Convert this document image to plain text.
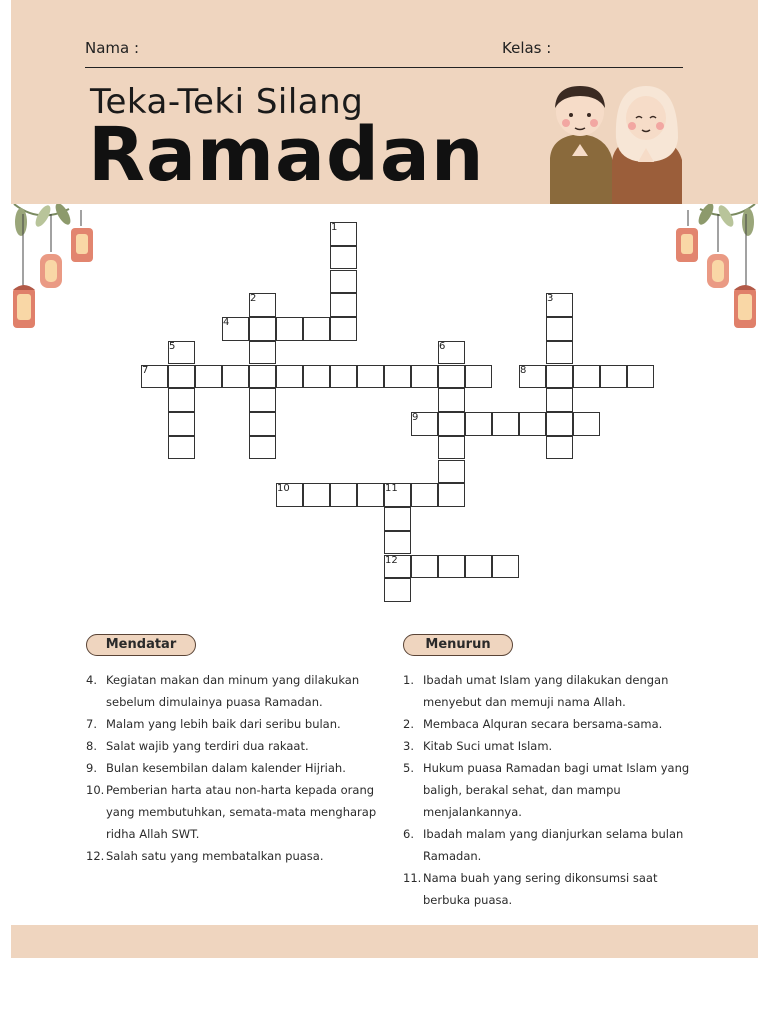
Nama :	Kelas :
Teka-Teki Silang
Ramadan
1
2	3
4
5	6
7	8
9
10	11
12
Mendatar	Menurun
4. Kegiatan makan dan minum yang dilakukan sebelum dimulainya puasa Ramadan.
7. Malam yang lebih baik dari seribu bulan.
8. Salat wajib yang terdiri dua rakaat.
9. Bulan kesembilan dalam kalender Hijriah.
10. Pemberian harta atau non-harta kepada orang yang membutuhkan, semata-mata mengharap ridha Allah SWT.
12. Salah satu yang membatalkan puasa.
1. Ibadah umat Islam yang dilakukan dengan menyebut dan memuji nama Allah.
2. Membaca Alquran secara bersama-sama.
3. Kitab Suci umat Islam.
5. Hukum puasa Ramadan bagi umat Islam yang baligh, berakal sehat, dan mampu menjalankannya.
6. Ibadah malam yang dianjurkan selama bulan Ramadan.
11. Nama buah yang sering dikonsumsi saat berbuka puasa.
